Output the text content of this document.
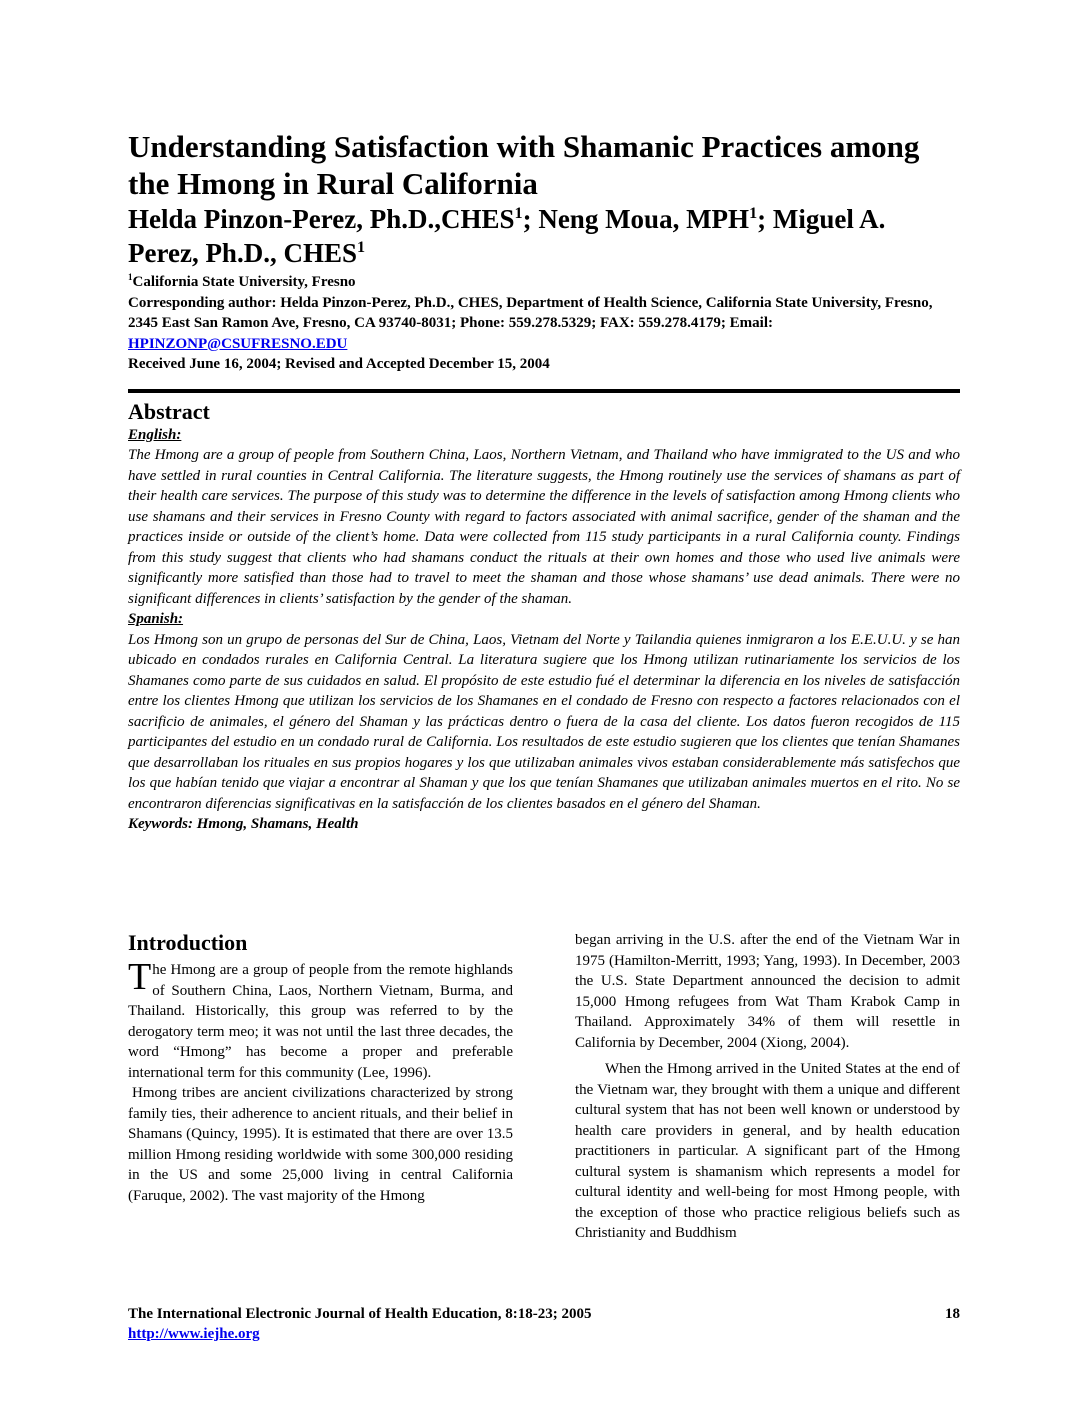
Understanding Satisfaction with Shamanic Practices among the Hmong in Rural California

Helda Pinzon-Perez, Ph.D.,CHES$^1$; Neng Moua, MPH$^1$; Miguel A. Perez, Ph.D., CHES$^1$

$^1$California State University, Fresno

Corresponding author: Helda Pinzon-Perez, Ph.D., CHES, Department of Health Science, California State University, Fresno, 2345 East San Ramon Ave, Fresno, CA 93740-8031; Phone: 559.278.5329; FAX: 559.278.4179; Email: HPINZONP@CSUFRESNO.EDU

Received June 16, 2004; Revised and Accepted December 15, 2004

Abstract

English:

The Hmong are a group of people from Southern China, Laos, Northern Vietnam, and Thailand who have immigrated to the US and who have settled in rural counties in Central California. The literature suggests, the Hmong routinely use the services of shamans as part of their health care services. The purpose of this study was to determine the difference in the levels of satisfaction among Hmong clients who use shamans and their services in Fresno County with regard to factors associated with animal sacrifice, gender of the shaman and the practices inside or outside of the client’s home. Data were collected from 115 study participants in a rural California county. Findings from this study suggest that clients who had shamans conduct the rituals at their own homes and those who used live animals were significantly more satisfied than those had to travel to meet the shaman and those whose shamans’ use dead animals. There were no significant differences in clients’ satisfaction by the gender of the shaman.

Spanish:

Los Hmong son un grupo de personas del Sur de China, Laos, Vietnam del Norte y Tailandia quienes inmigraron a los E.E.U.U. y se han ubicado en condados rurales en California Central. La literatura sugiere que los Hmong utilizan rutinariamente los servicios de los Shamanes como parte de sus cuidados en salud. El propósito de este estudio fué el determinar la diferencia en los niveles de satisfacción entre los clientes Hmong que utilizan los servicios de los Shamanes en el condado de Fresno con respecto a factores relacionados con el sacrificio de animales, el género del Shaman y las prácticas dentro o fuera de la casa del cliente. Los datos fueron recogidos de 115 participantes del estudio en un condado rural de California. Los resultados de este estudio sugieren que los clientes que tenían Shamanes que desarrollaban los rituales en sus propios hogares y los que utilizaban animales vivos estaban considerablemente más satisfechos que los que habían tenido que viajar a encontrar al Shaman y que los que tenían Shamanes que utilizaban animales muertos en el rito. No se encontraron diferencias significativas en la satisfacción de los clientes basados en el género del Shaman.

Keywords: Hmong, Shamans, Health

Introduction

The Hmong are a group of people from the remote highlands of Southern China, Laos, Northern Vietnam, Burma, and Thailand. Historically, this group was referred to by the derogatory term meo; it was not until the last three decades, the word “Hmong” has become a proper and preferable international term for this community (Lee, 1996).

Hmong tribes are ancient civilizations characterized by strong family ties, their adherence to ancient rituals, and their belief in Shamans (Quincy, 1995). It is estimated that there are over 13.5 million Hmong residing worldwide with some 300,000 residing in the US and some 25,000 living in central California (Faruque, 2002). The vast majority of the Hmong

began arriving in the U.S. after the end of the Vietnam War in 1975 (Hamilton-Merritt, 1993; Yang, 1993). In December, 2003 the U.S. State Department announced the decision to admit 15,000 Hmong refugees from Wat Tham Krabok Camp in Thailand. Approximately 34% of them will resettle in California by December, 2004 (Xiong, 2004).

When the Hmong arrived in the United States at the end of the Vietnam war, they brought with them a unique and different cultural system that has not been well known or understood by health care providers in general, and by health education practitioners in particular. A significant part of the Hmong cultural system is shamanism which represents a model for cultural identity and well-being for most Hmong people, with the exception of those who practice religious beliefs such as Christianity and Buddhism

The International Electronic Journal of Health Education, 8:18-23; 2005	18
http://www.iejhe.org
